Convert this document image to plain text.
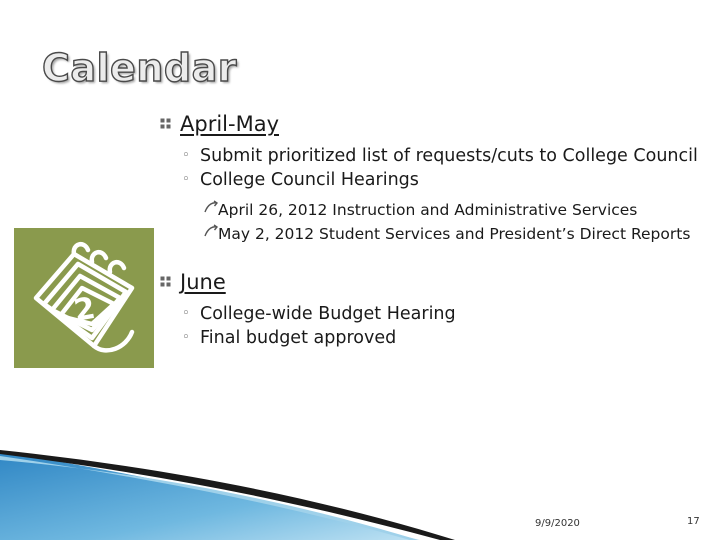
Calendar
2
April-May
◦ Submit prioritized list of requests/cuts to College Council
◦ College Council Hearings
April 26, 2012 Instruction and Administrative Services
May 2, 2012 Student Services and President’s Direct Reports
June
◦ College-wide Budget Hearing
◦ Final budget approved
9/9/2020	17
